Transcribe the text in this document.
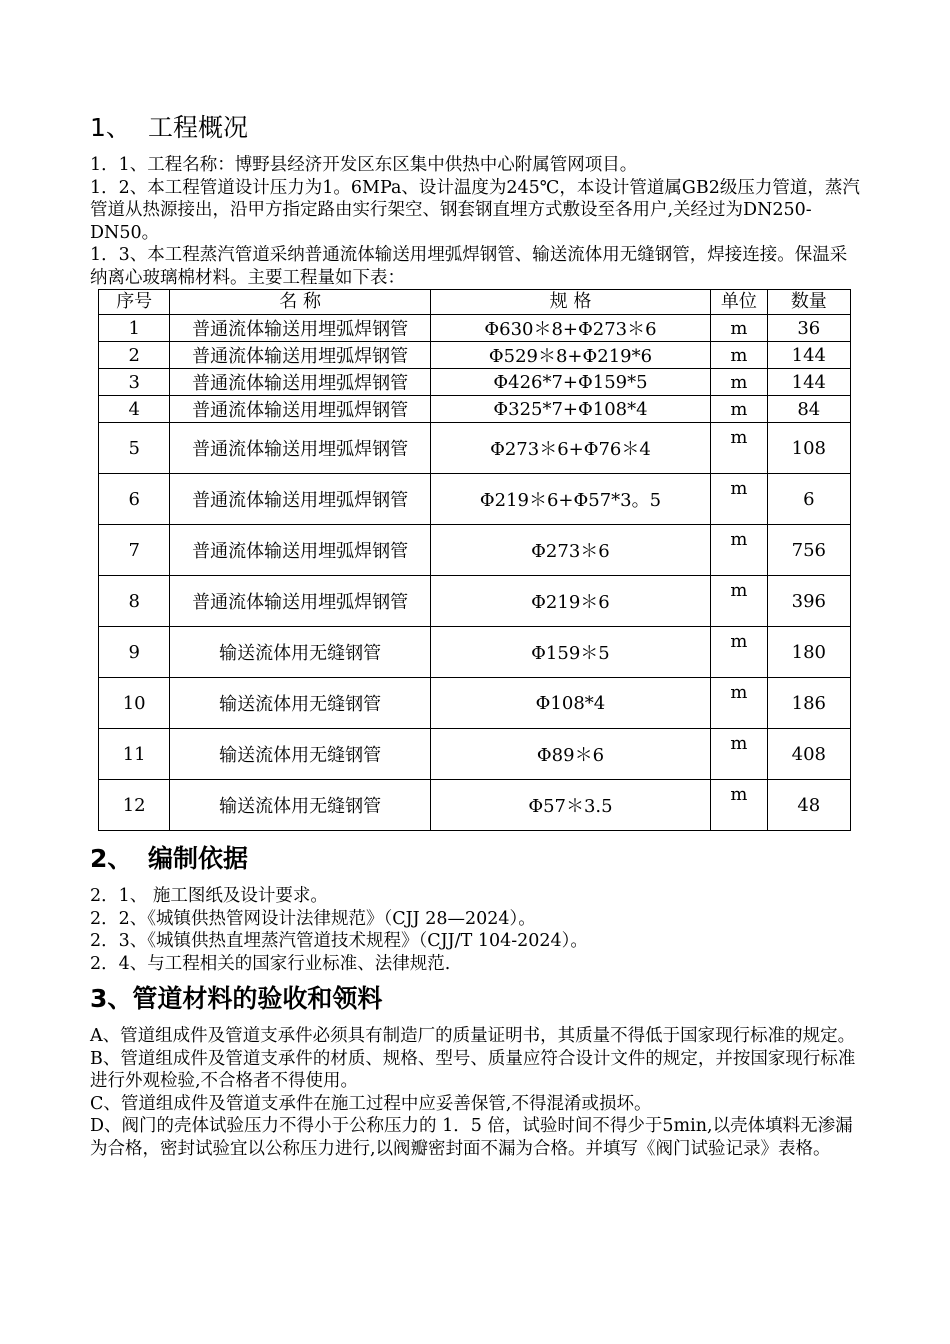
1、 工程概况
1．1、工程名称：博野县经济开发区东区集中供热中心附属管网项目。
1．2、本工程管道设计压力为1。6MPa、设计温度为245℃，本设计管道属GB2级压力管道，蒸汽管道从热源接出，沿甲方指定路由实行架空、钢套钢直埋方式敷设至各用户,关经过为DN250-DN50。
1．3、本工程蒸汽管道采纳普通流体输送用埋弧焊钢管、输送流体用无缝钢管，焊接连接。保温采纳离心玻璃棉材料。主要工程量如下表：
序号	名 称	规 格	单位	数量
1	普通流体输送用埋弧焊钢管	Φ630＊8+Φ273＊6	m	36
2	普通流体输送用埋弧焊钢管	Φ529＊8+Φ219*6	m	144
3	普通流体输送用埋弧焊钢管	Φ426*7+Φ159*5	m	144
4	普通流体输送用埋弧焊钢管	Φ325*7+Φ108*4	m	84
5	普通流体输送用埋弧焊钢管	Φ273＊6+Φ76＊4	m	108
6	普通流体输送用埋弧焊钢管	Φ219＊6+Φ57*3。5	m	6
7	普通流体输送用埋弧焊钢管	Φ273＊6	m	756
8	普通流体输送用埋弧焊钢管	Φ219＊6	m	396
9	输送流体用无缝钢管	Φ159＊5	m	180
10	输送流体用无缝钢管	Φ108*4	m	186
11	输送流体用无缝钢管	Φ89＊6	m	408
12	输送流体用无缝钢管	Φ57＊3.5	m	48
2、 编制依据
2．1、 施工图纸及设计要求。
2．2、《城镇供热管网设计法律规范》（CJJ 28—2024）。
2．3、《城镇供热直埋蒸汽管道技术规程》（CJJ/T 104-2024）。
2．4、与工程相关的国家行业标准、法律规范.
3、管道材料的验收和领料
A、管道组成件及管道支承件必须具有制造厂的质量证明书，其质量不得低于国家现行标准的规定。
B、管道组成件及管道支承件的材质、规格、型号、质量应符合设计文件的规定，并按国家现行标准进行外观检验,不合格者不得使用。
C、管道组成件及管道支承件在施工过程中应妥善保管,不得混淆或损坏。
D、阀门的壳体试验压力不得小于公称压力的 1．5 倍，试验时间不得少于5min,以壳体填料无渗漏为合格，密封试验宜以公称压力进行,以阀瓣密封面不漏为合格。并填写《阀门试验记录》表格。
